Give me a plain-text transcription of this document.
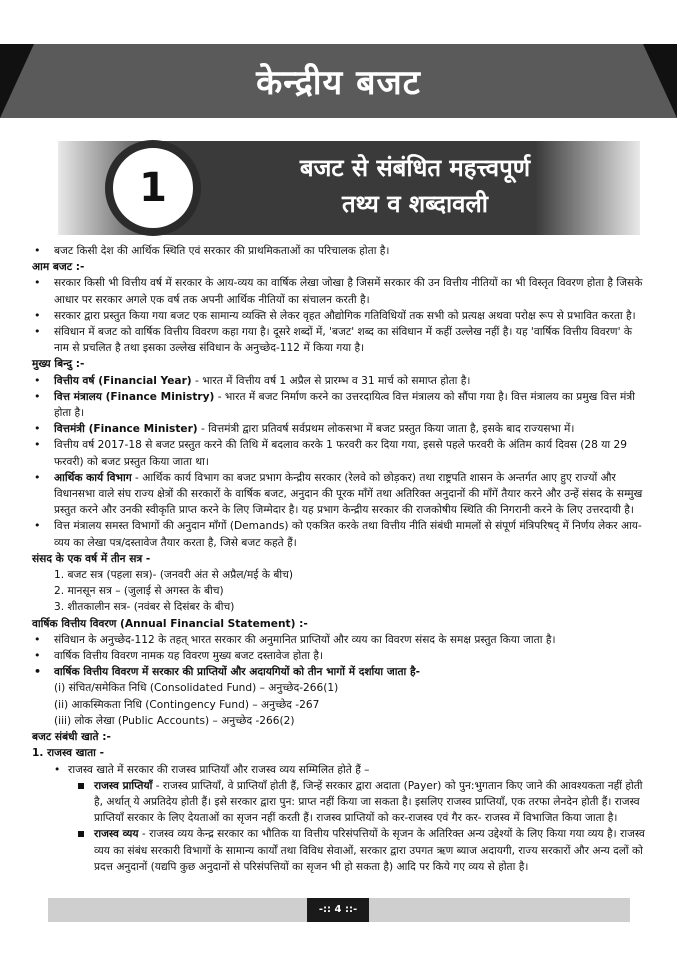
केन्द्रीय बजट
1	बजट से संबंधित महत्त्वपूर्ण
तथ्य व शब्दावली
• बजट किसी देश की आर्थिक स्थिति एवं सरकार की प्राथमिकताओं का परिचालक होता है।
आम बजट :-
• सरकार किसी भी वित्तीय वर्ष में सरकार के आय-व्यय का वार्षिक लेखा जोखा है जिसमें सरकार की उन वित्तीय नीतियों का भी विस्तृत विवरण होता है जिसके आधार पर सरकार अगले एक वर्ष तक अपनी आर्थिक नीतियों का संचालन करती है।
• सरकार द्वारा प्रस्तुत किया गया बजट एक सामान्य व्यक्ति से लेकर वृहत औद्योगिक गतिविधियों तक सभी को प्रत्यक्ष अथवा परोक्ष रूप से प्रभावित करता है।
• संविधान में बजट को वार्षिक वित्तीय विवरण कहा गया है। दूसरे शब्दों में, 'बजट' शब्द का संविधान में कहीं उल्लेख नहीं है। यह 'वार्षिक वित्तीय विवरण' के नाम से प्रचलित है तथा इसका उल्लेख संविधान के अनुच्छेद-112 में किया गया है।
मुख्य बिन्दु :-
• वित्तीय वर्ष (Financial Year) - भारत में वित्तीय वर्ष 1 अप्रैल से प्रारम्भ व 31 मार्च को समाप्त होता है।
• वित्त मंत्रालय (Finance Ministry) - भारत में बजट निर्माण करने का उत्तरदायित्व वित्त मंत्रालय को सौंपा गया है। वित्त मंत्रालय का प्रमुख वित्त मंत्री होता है।
• वित्तमंत्री (Finance Minister) - वित्तमंत्री द्वारा प्रतिवर्ष सर्वप्रथम लोकसभा में बजट प्रस्तुत किया जाता है, इसके बाद राज्यसभा में।
• वित्तीय वर्ष 2017-18 से बजट प्रस्तुत करने की तिथि में बदलाव करके 1 फरवरी कर दिया गया, इससे पहले फरवरी के अंतिम कार्य दिवस (28 या 29 फरवरी) को बजट प्रस्तुत किया जाता था।
• आर्थिक कार्य विभाग - आर्थिक कार्य विभाग का बजट प्रभाग केन्द्रीय सरकार (रेलवे को छोड़कर) तथा राष्ट्रपति शासन के अन्तर्गत आए हुए राज्यों और विधानसभा वाले संघ राज्य क्षेत्रों की सरकारों के वार्षिक बजट, अनुदान की पूरक माँगें तथा अतिरिक्त अनुदानों की माँगें तैयार करने और उन्हें संसद के सम्मुख प्रस्तुत करने और उनकी स्वीकृति प्राप्त करने के लिए जिम्मेदार है। यह प्रभाग केन्द्रीय सरकार की राजकोषीय स्थिति की निगरानी करने के लिए उत्तरदायी है।
• वित्त मंत्रालय समस्त विभागों की अनुदान माँगों (Demands) को एकत्रित करके तथा वित्तीय नीति संबंधी मामलों से संपूर्ण मंत्रिपरिषद् में निर्णय लेकर आय-व्यय का लेखा पत्र/दस्तावेज तैयार करता है, जिसे बजट कहते हैं।
संसद के एक वर्ष में तीन सत्र -
1. बजट सत्र (पहला सत्र)- (जनवरी अंत से अप्रैल/मई के बीच)
2. मानसून सत्र – (जुलाई से अगस्त के बीच)
3. शीतकालीन सत्र- (नवंबर से दिसंबर के बीच)
वार्षिक वित्तीय विवरण (Annual Financial Statement) :-
• संविधान के अनुच्छेद-112 के तहत् भारत सरकार की अनुमानित प्राप्तियों और व्यय का विवरण संसद के समक्ष प्रस्तुत किया जाता है।
• वार्षिक वित्तीय विवरण नामक यह विवरण मुख्य बजट दस्तावेज होता है।
• वार्षिक वित्तीय विवरण में सरकार की प्राप्तियों और अदायगियों को तीन भागों में दर्शाया जाता है-
(i) संचित/समेकित निधि (Consolidated Fund) – अनुच्छेद-266(1)
(ii) आकस्मिकता निधि (Contingency Fund) – अनुच्छेद -267
(iii) लोक लेखा (Public Accounts) – अनुच्छेद -266(2)
बजट संबंधी खाते :-
1. राजस्व खाता -
• राजस्व खाते में सरकार की राजस्व प्राप्तियाँ और राजस्व व्यय सम्मिलित होते हैं –
राजस्व प्राप्तियाँ - राजस्व प्राप्तियाँ, वे प्राप्तियाँ होती हैं, जिन्हें सरकार द्वारा अदाता (Payer) को पुन:भुगतान किए जाने की आवश्यकता नहीं होती है, अर्थात् ये अप्रतिदेय होती हैं। इसे सरकार द्वारा पुन: प्राप्त नहीं किया जा सकता है। इसलिए राजस्व प्राप्तियाँ, एक तरफा लेनदेन होती हैं। राजस्व प्राप्तियाँ सरकार के लिए देयताओं का सृजन नहीं करती हैं। राजस्व प्राप्तियों को कर-राजस्व एवं गैर कर- राजस्व में विभाजित किया जाता है।
राजस्व व्यय - राजस्व व्यय केन्द्र सरकार का भौतिक या वित्तीय परिसंपत्तियों के सृजन के अतिरिक्त अन्य उद्देश्यों के लिए किया गया व्यय है। राजस्व व्यय का संबंध सरकारी विभागों के सामान्य कार्यों तथा विविध सेवाओं, सरकार द्वारा उपगत ऋण ब्याज अदायगी, राज्य सरकारों और अन्य दलों को प्रदत्त अनुदानों (यद्यपि कुछ अनुदानों से परिसंपत्तियों का सृजन भी हो सकता है) आदि पर किये गए व्यय से होता है।
-:: 4 ::-
